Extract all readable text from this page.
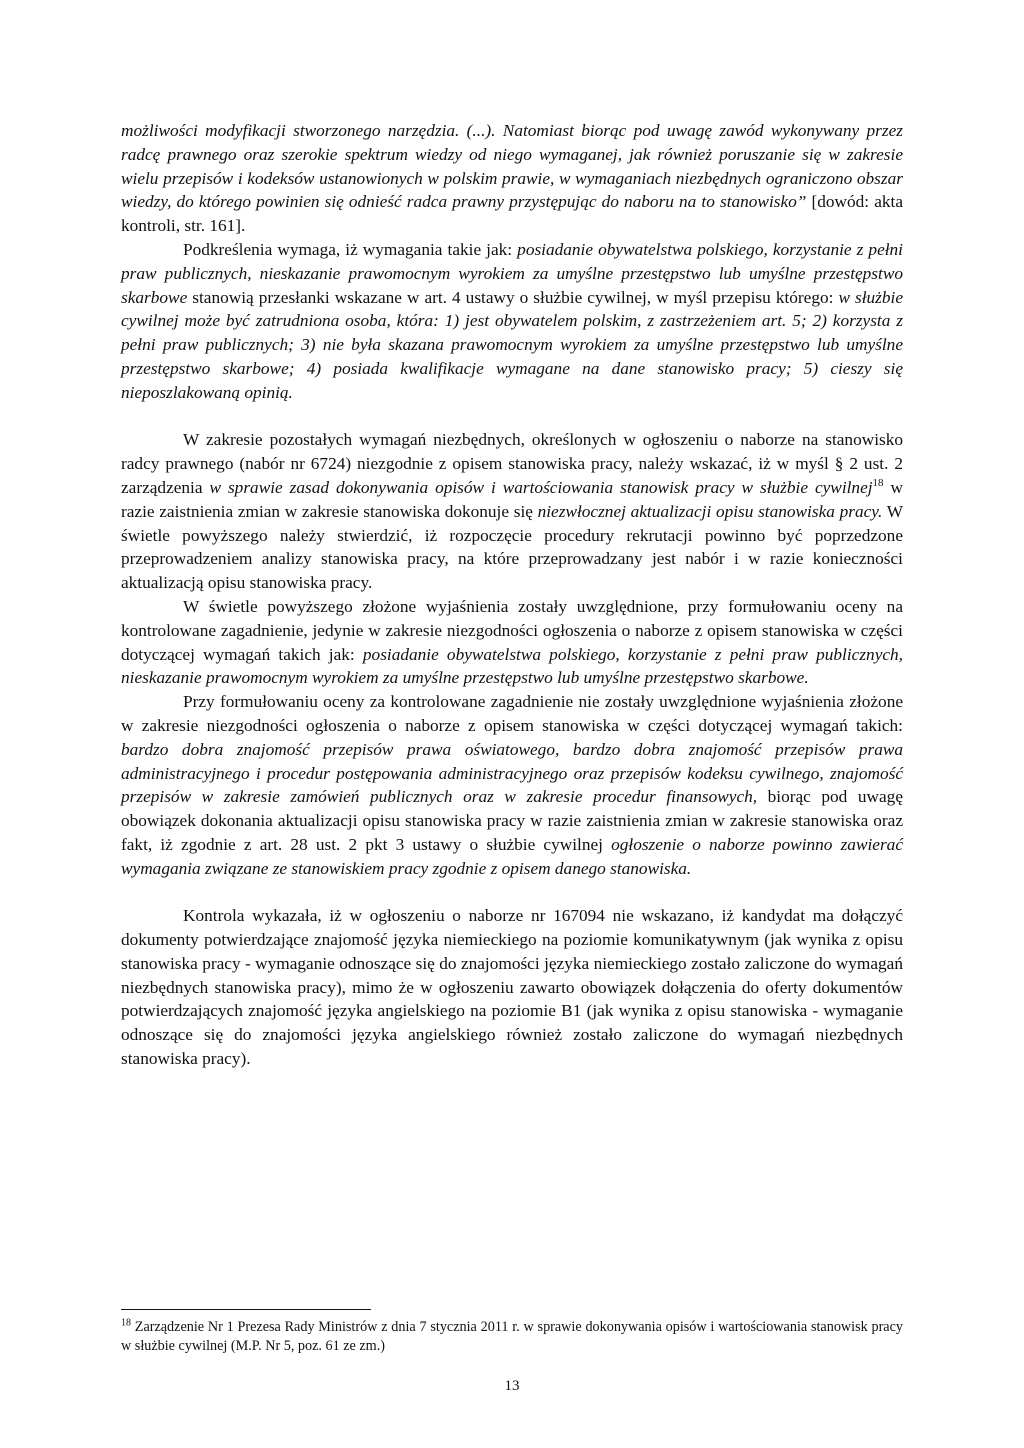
możliwości modyfikacji stworzonego narzędzia. (...). Natomiast biorąc pod uwagę zawód wykonywany przez radcę prawnego oraz szerokie spektrum wiedzy od niego wymaganej, jak również poruszanie się w zakresie wielu przepisów i kodeksów ustanowionych w polskim prawie, w wymaganiach niezbędnych ograniczono obszar wiedzy, do którego powinien się odnieść radca prawny przystępując do naboru na to stanowisko” [dowód: akta kontroli, str. 161].

Podkreślenia wymaga, iż wymagania takie jak: posiadanie obywatelstwa polskiego, korzystanie z pełni praw publicznych, nieskazanie prawomocnym wyrokiem za umyślne przestępstwo lub umyślne przestępstwo skarbowe stanowią przesłanki wskazane w art. 4 ustawy o służbie cywilnej, w myśl przepisu którego: w służbie cywilnej może być zatrudniona osoba, która: 1) jest obywatelem polskim, z zastrzeżeniem art. 5; 2) korzysta z pełni praw publicznych; 3) nie była skazana prawomocnym wyrokiem za umyślne przestępstwo lub umyślne przestępstwo skarbowe; 4) posiada kwalifikacje wymagane na dane stanowisko pracy; 5) cieszy się nieposzlakowaną opinią.

W zakresie pozostałych wymagań niezbędnych, określonych w ogłoszeniu o naborze na stanowisko radcy prawnego (nabór nr 6724) niezgodnie z opisem stanowiska pracy, należy wskazać, iż w myśl § 2 ust. 2 zarządzenia w sprawie zasad dokonywania opisów i wartościowania stanowisk pracy w służbie cywilnej$^{18}$ w razie zaistnienia zmian w zakresie stanowiska dokonuje się niezwłocznej aktualizacji opisu stanowiska pracy. W świetle powyższego należy stwierdzić, iż rozpoczęcie procedury rekrutacji powinno być poprzedzone przeprowadzeniem analizy stanowiska pracy, na które przeprowadzany jest nabór i w razie konieczności aktualizacją opisu stanowiska pracy.

W świetle powyższego złożone wyjaśnienia zostały uwzględnione, przy formułowaniu oceny na kontrolowane zagadnienie, jedynie w zakresie niezgodności ogłoszenia o naborze z opisem stanowiska w części dotyczącej wymagań takich jak: posiadanie obywatelstwa polskiego, korzystanie z pełni praw publicznych, nieskazanie prawomocnym wyrokiem za umyślne przestępstwo lub umyślne przestępstwo skarbowe.

Przy formułowaniu oceny za kontrolowane zagadnienie nie zostały uwzględnione wyjaśnienia złożone w zakresie niezgodności ogłoszenia o naborze z opisem stanowiska w części dotyczącej wymagań takich: bardzo dobra znajomość przepisów prawa oświatowego, bardzo dobra znajomość przepisów prawa administracyjnego i procedur postępowania administracyjnego oraz przepisów kodeksu cywilnego, znajomość przepisów w zakresie zamówień publicznych oraz w zakresie procedur finansowych, biorąc pod uwagę obowiązek dokonania aktualizacji opisu stanowiska pracy w razie zaistnienia zmian w zakresie stanowiska oraz fakt, iż zgodnie z art. 28 ust. 2 pkt 3 ustawy o służbie cywilnej ogłoszenie o naborze powinno zawierać wymagania związane ze stanowiskiem pracy zgodnie z opisem danego stanowiska.

Kontrola wykazała, iż w ogłoszeniu o naborze nr 167094 nie wskazano, iż kandydat ma dołączyć dokumenty potwierdzające znajomość języka niemieckiego na poziomie komunikatywnym (jak wynika z opisu stanowiska pracy - wymaganie odnoszące się do znajomości języka niemieckiego zostało zaliczone do wymagań niezbędnych stanowiska pracy), mimo że w ogłoszeniu zawarto obowiązek dołączenia do oferty dokumentów potwierdzających znajomość języka angielskiego na poziomie B1 (jak wynika z opisu stanowiska - wymaganie odnoszące się do znajomości języka angielskiego również zostało zaliczone do wymagań niezbędnych stanowiska pracy).

$^{18}$ Zarządzenie Nr 1 Prezesa Rady Ministrów z dnia 7 stycznia 2011 r. w sprawie dokonywania opisów i wartościowania stanowisk pracy w służbie cywilnej (M.P. Nr 5, poz. 61 ze zm.)
13
